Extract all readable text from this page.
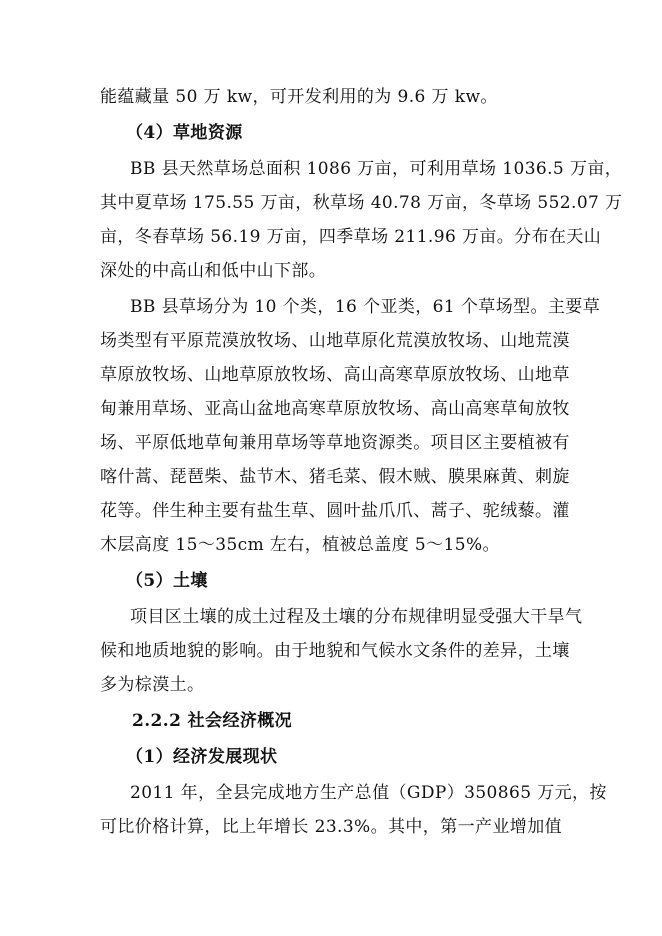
能蕴藏量 50 万 kw，可开发利用的为 9.6 万 kw。
（4）草地资源
BB 县天然草场总面积 1086 万亩，可利用草场 1036.5 万亩，
其中夏草场 175.55 万亩，秋草场 40.78 万亩，冬草场 552.07 万
亩，冬春草场 56.19 万亩，四季草场 211.96 万亩。分布在天山
深处的中高山和低中山下部。
BB 县草场分为 10 个类，16 个亚类，61 个草场型。主要草
场类型有平原荒漠放牧场、山地草原化荒漠放牧场、山地荒漠
草原放牧场、山地草原放牧场、高山高寒草原放牧场、山地草
甸兼用草场、亚高山盆地高寒草原放牧场、高山高寒草甸放牧
场、平原低地草甸兼用草场等草地资源类。项目区主要植被有
喀什蒿、琵琶柴、盐节木、猪毛菜、假木贼、膜果麻黄、刺旋
花等。伴生种主要有盐生草、圆叶盐爪爪、蒿子、驼绒藜。灌
木层高度 15～35cm 左右，植被总盖度 5～15%。
（5）土壤
项目区土壤的成土过程及土壤的分布规律明显受强大干旱气
候和地质地貌的影响。由于地貌和气候水文条件的差异，土壤
多为棕漠土。
2.2.2 社会经济概况
（1）经济发展现状
2011 年，全县完成地方生产总值（GDP）350865 万元，按
可比价格计算，比上年增长 23.3%。其中，第一产业增加值
